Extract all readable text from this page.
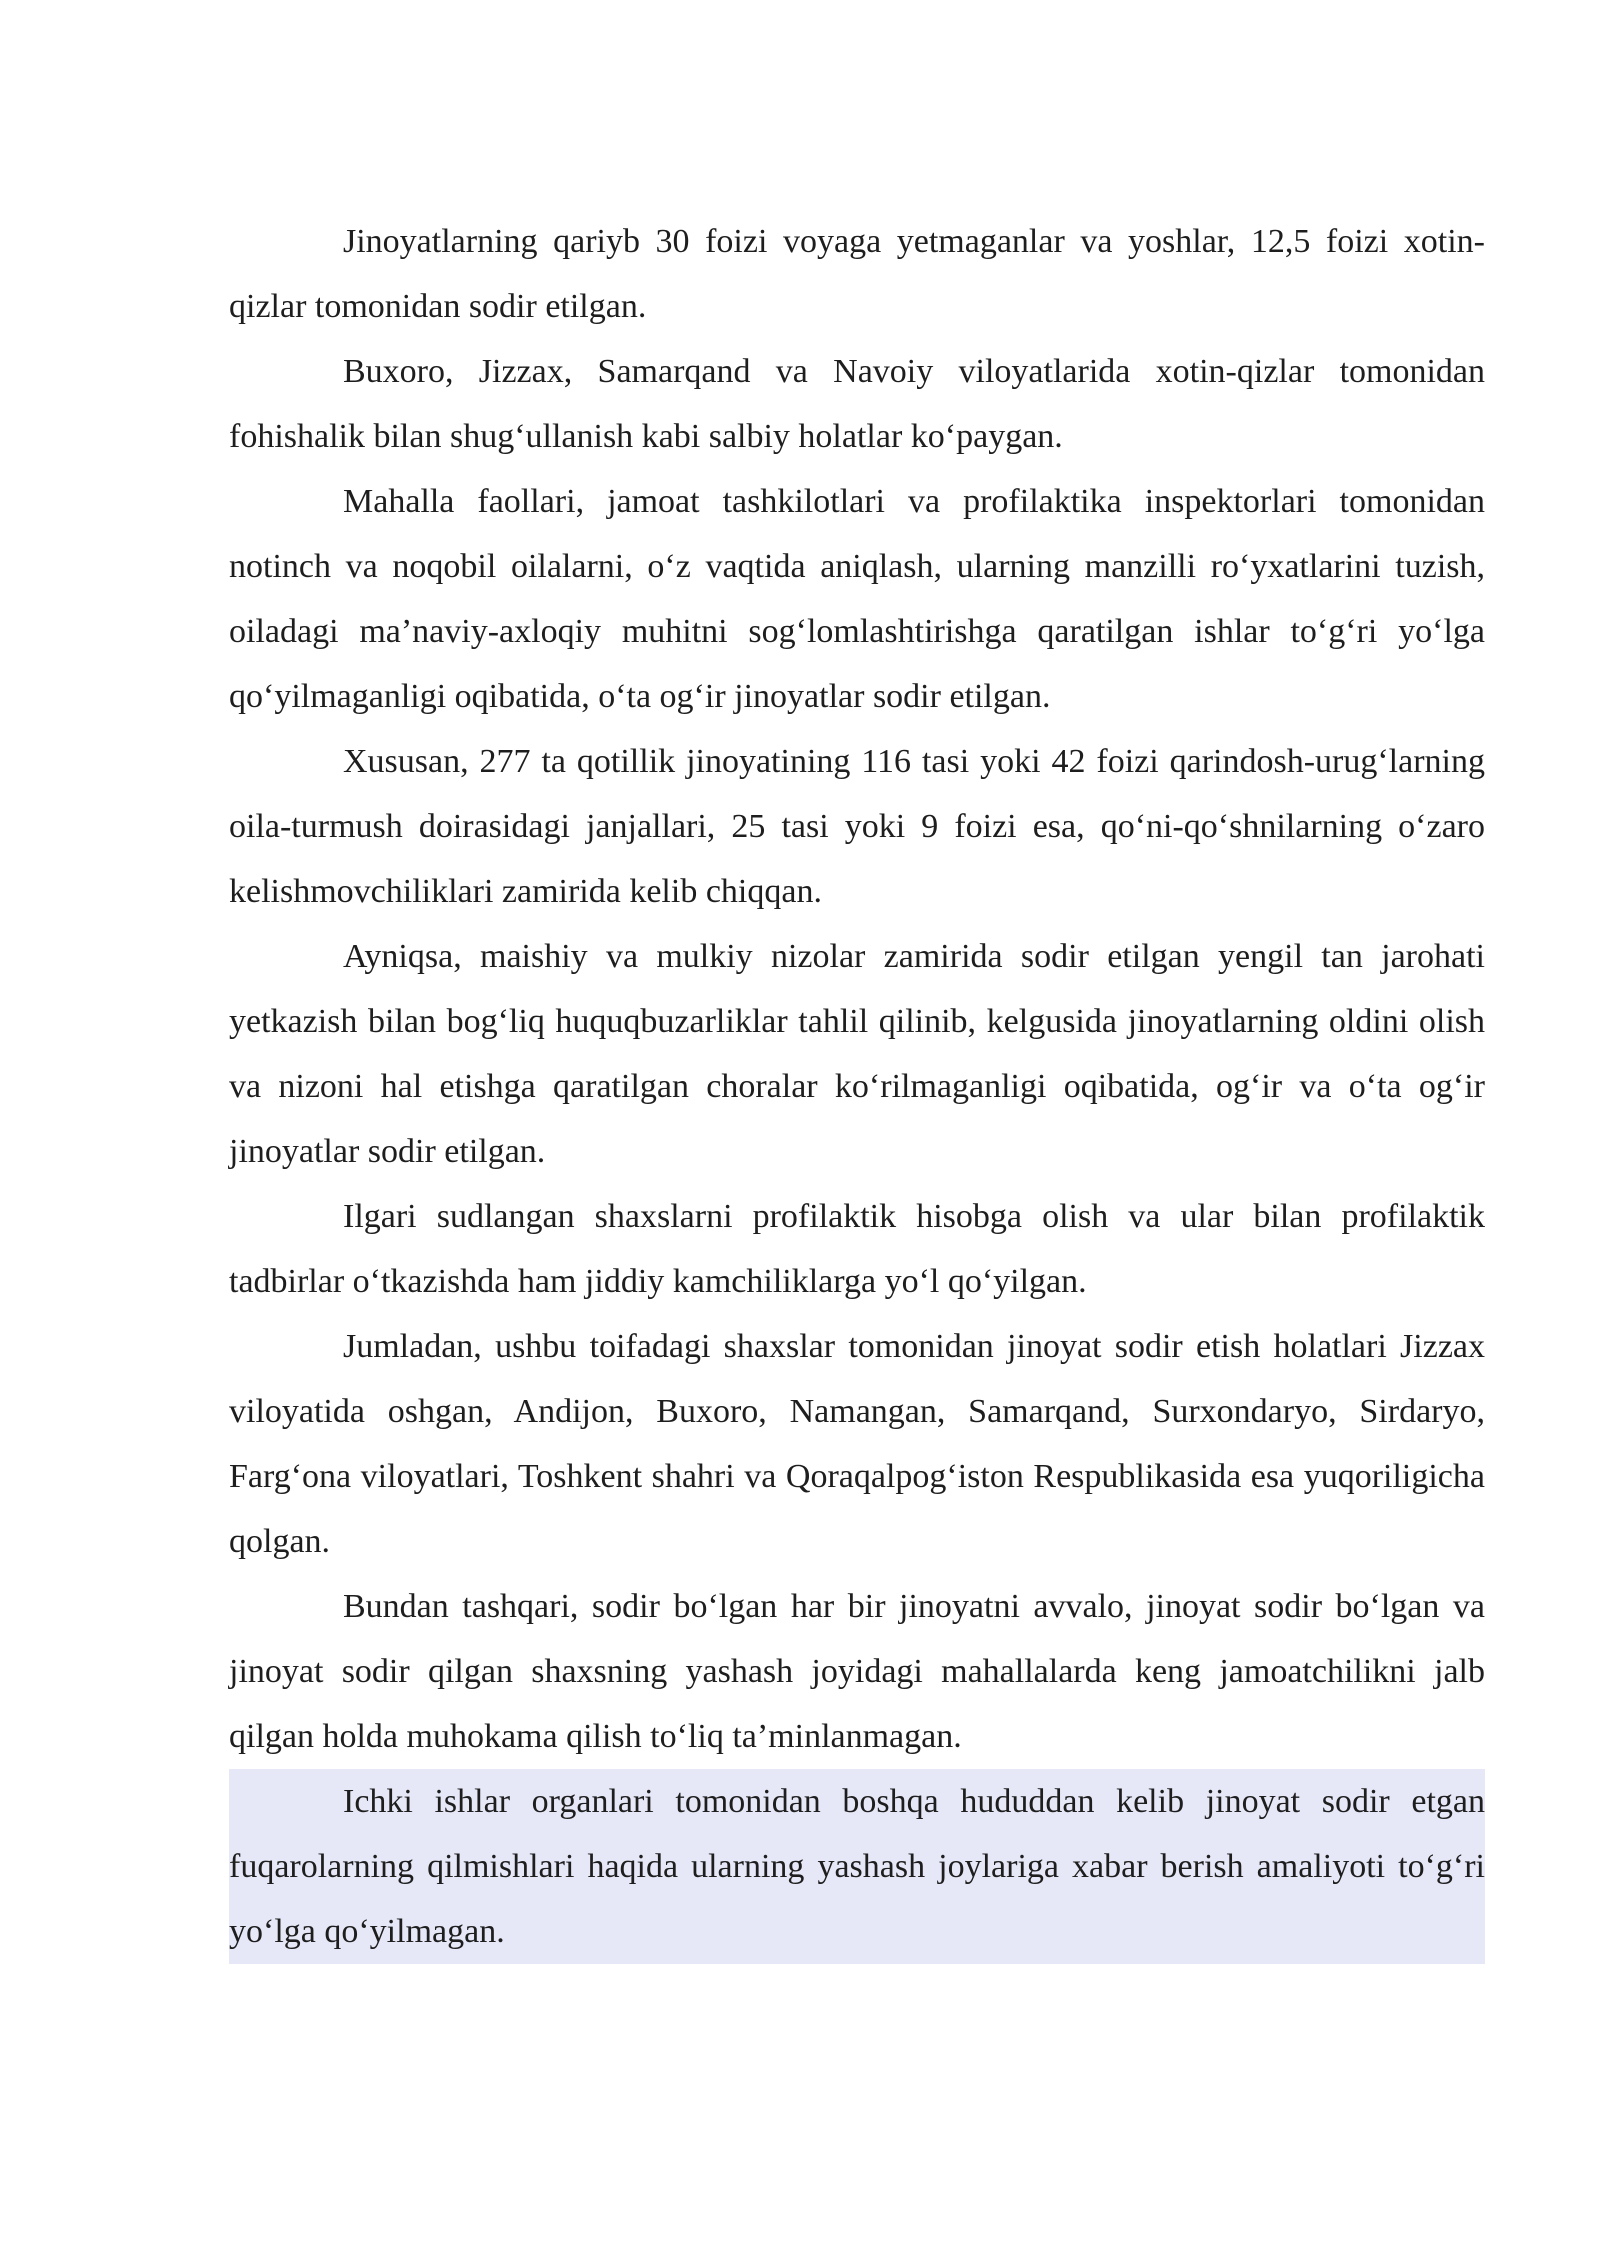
Jinoyatlarning qariyb 30 foizi voyaga yetmaganlar va yoshlar, 12,5 foizi xotin-qizlar tomonidan sodir etilgan.

Buxoro, Jizzax, Samarqand va Navoiy viloyatlarida xotin-qizlar tomonidan fohishalik bilan shug‘ullanish kabi salbiy holatlar ko‘paygan.

Mahalla faollari, jamoat tashkilotlari va profilaktika inspektorlari tomonidan notinch va noqobil oilalarni, o‘z vaqtida aniqlash, ularning manzilli ro‘yxatlarini tuzish, oiladagi ma’naviy-axloqiy muhitni sog‘lomlashtirishga qaratilgan ishlar to‘g‘ri yo‘lga qo‘yilmaganligi oqibatida, o‘ta og‘ir jinoyatlar sodir etilgan.

Xususan, 277 ta qotillik jinoyatining 116 tasi yoki 42 foizi qarindosh-urug‘larning oila-turmush doirasidagi janjallari, 25 tasi yoki 9 foizi esa, qo‘ni-qo‘shnilarning o‘zaro kelishmovchiliklari zamirida kelib chiqqan.

Ayniqsa, maishiy va mulkiy nizolar zamirida sodir etilgan yengil tan jarohati yetkazish bilan bog‘liq huquqbuzarliklar tahlil qilinib, kelgusida jinoyatlarning oldini olish va nizoni hal etishga qaratilgan choralar ko‘rilmaganligi oqibatida, og‘ir va o‘ta og‘ir jinoyatlar sodir etilgan.

Ilgari sudlangan shaxslarni profilaktik hisobga olish va ular bilan profilaktik tadbirlar o‘tkazishda ham jiddiy kamchiliklarga yo‘l qo‘yilgan.

Jumladan, ushbu toifadagi shaxslar tomonidan jinoyat sodir etish holatlari Jizzax viloyatida oshgan, Andijon, Buxoro, Namangan, Samarqand, Surxondaryo, Sirdaryo, Farg‘ona viloyatlari, Toshkent shahri va Qoraqalpog‘iston Respublikasida esa yuqoriligicha qolgan.

Bundan tashqari, sodir bo‘lgan har bir jinoyatni avvalo, jinoyat sodir bo‘lgan va jinoyat sodir qilgan shaxsning yashash joyidagi mahallalarda keng jamoatchilikni jalb qilgan holda muhokama qilish to‘liq ta’minlanmagan.

Ichki ishlar organlari tomonidan boshqa hududdan kelib jinoyat sodir etgan fuqarolarning qilmishlari haqida ularning yashash joylariga xabar berish amaliyoti to‘g‘ri yo‘lga qo‘yilmagan.
